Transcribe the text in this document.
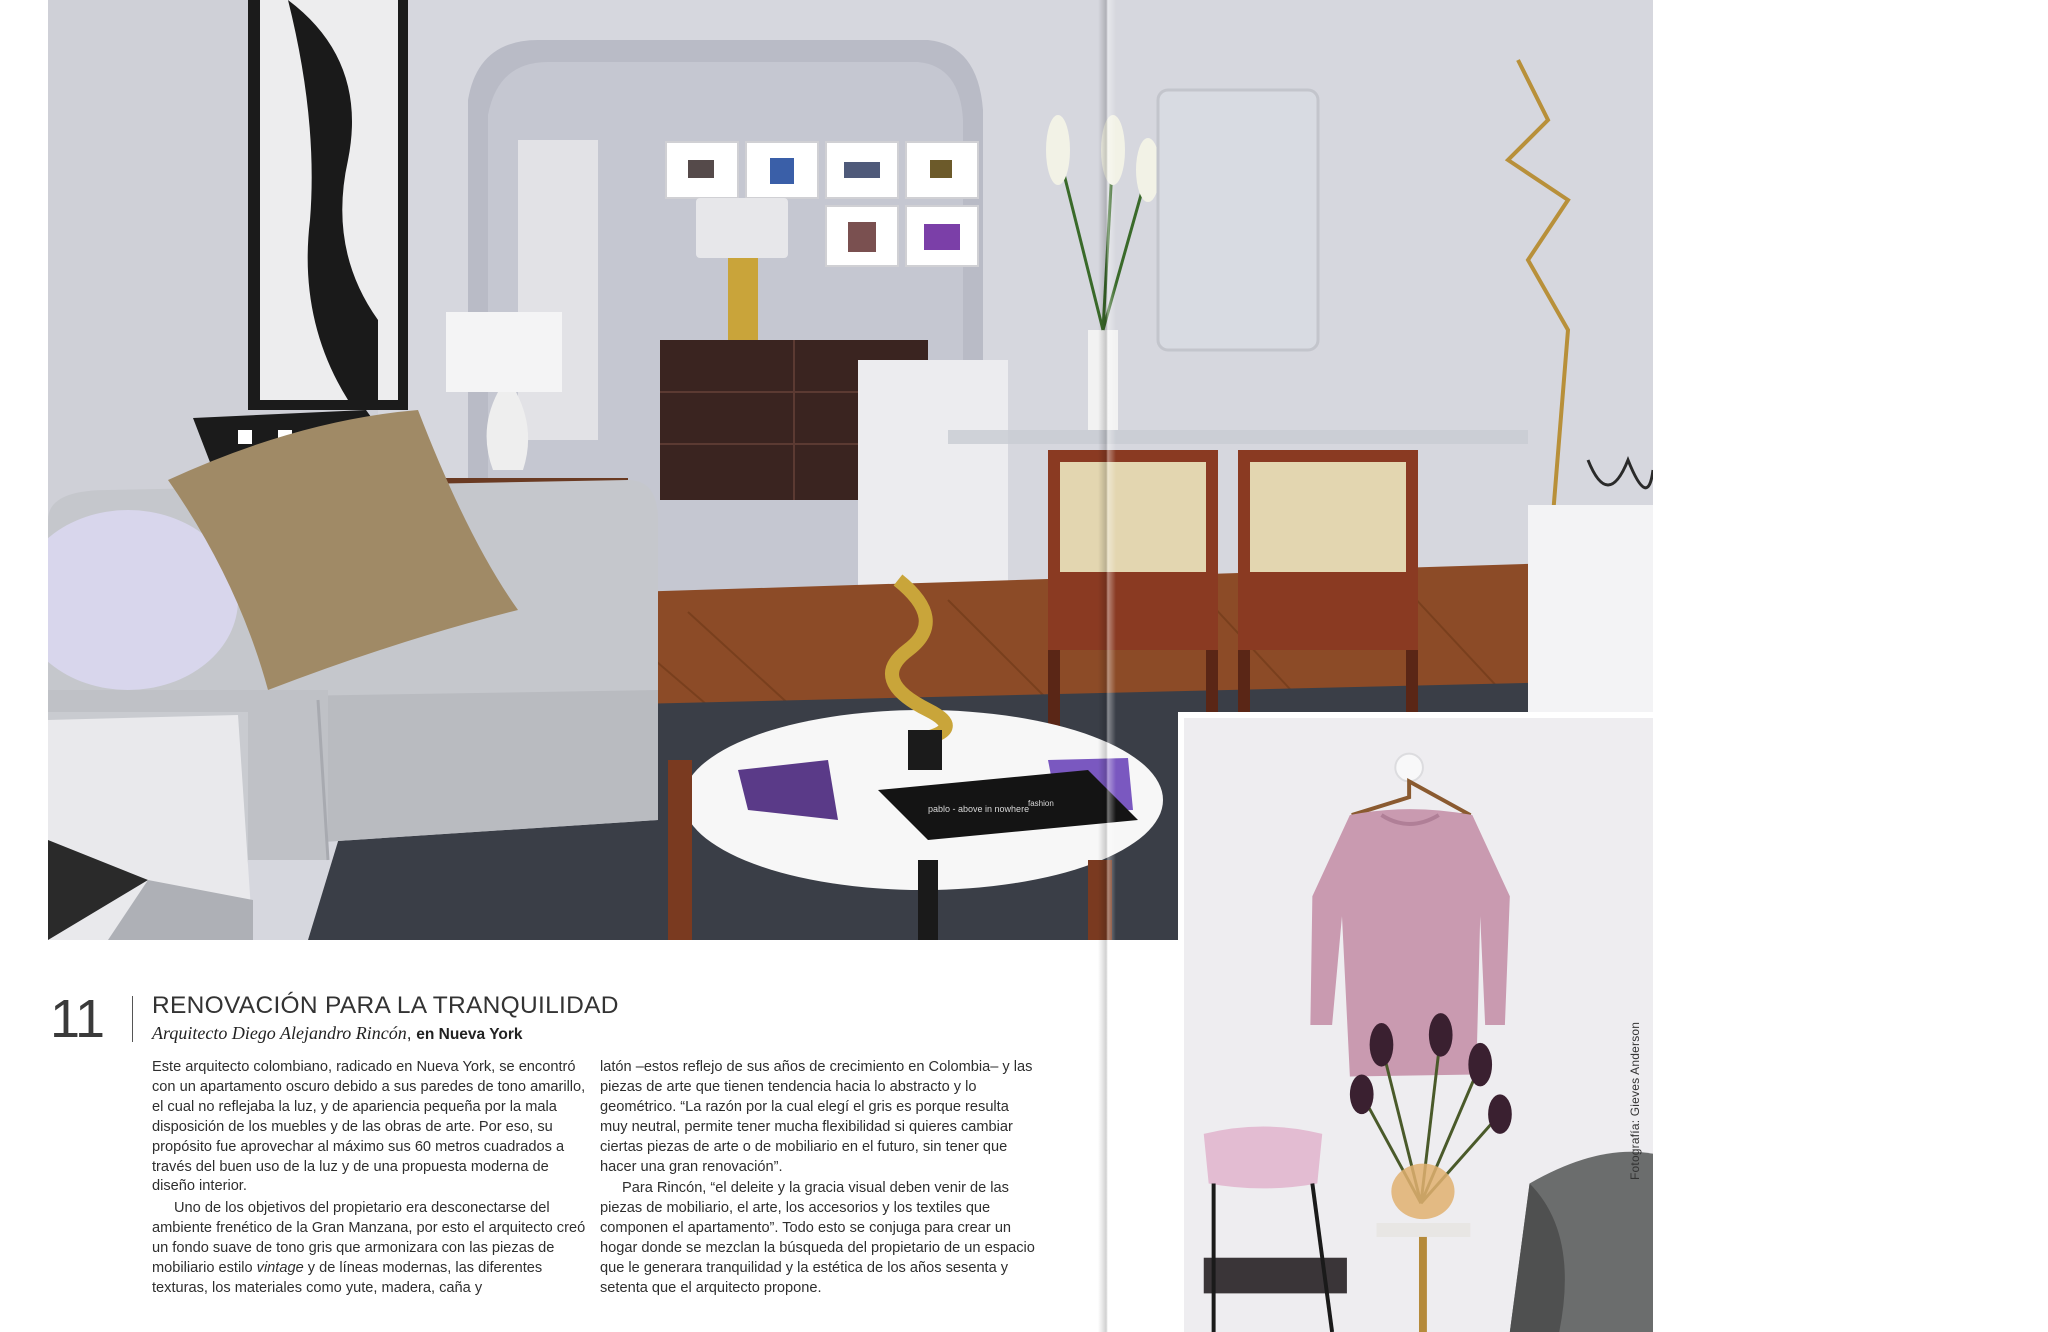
pablo - above in nowhere
fashion
Fotografía: Gieves Anderson
11 RENOVACIÓN PARA LA TRANQUILIDAD
Arquitecto Diego Alejandro Rincón, en Nueva York

Este arquitecto colombiano, radicado en Nueva York, se encontró con un apartamento oscuro debido a sus paredes de tono amarillo, el cual no reflejaba la luz, y de apariencia pequeña por la mala disposición de los muebles y de las obras de arte. Por eso, su propósito fue aprovechar al máximo sus 60 metros cuadrados a través del buen uso de la luz y de una propuesta moderna de diseño interior.

Uno de los objetivos del propietario era desconectarse del ambiente frenético de la Gran Manzana, por esto el arquitecto creó un fondo suave de tono gris que armonizara con las piezas de mobiliario estilo vintage y de líneas modernas, las diferentes texturas, los materiales como yute, madera, caña y

latón –estos reflejo de sus años de crecimiento en Colombia– y las piezas de arte que tienen tendencia hacia lo abstracto y lo geométrico. “La razón por la cual elegí el gris es porque resulta muy neutral, permite tener mucha flexibilidad si quieres cambiar ciertas piezas de arte o de mobiliario en el futuro, sin tener que hacer una gran renovación”.

Para Rincón, “el deleite y la gracia visual deben venir de las piezas de mobiliario, el arte, los accesorios y los textiles que componen el apartamento”. Todo esto se conjuga para crear un hogar donde se mezclan la búsqueda del propietario de un espacio que le generara tranquilidad y la estética de los años sesenta y setenta que el arquitecto propone.
